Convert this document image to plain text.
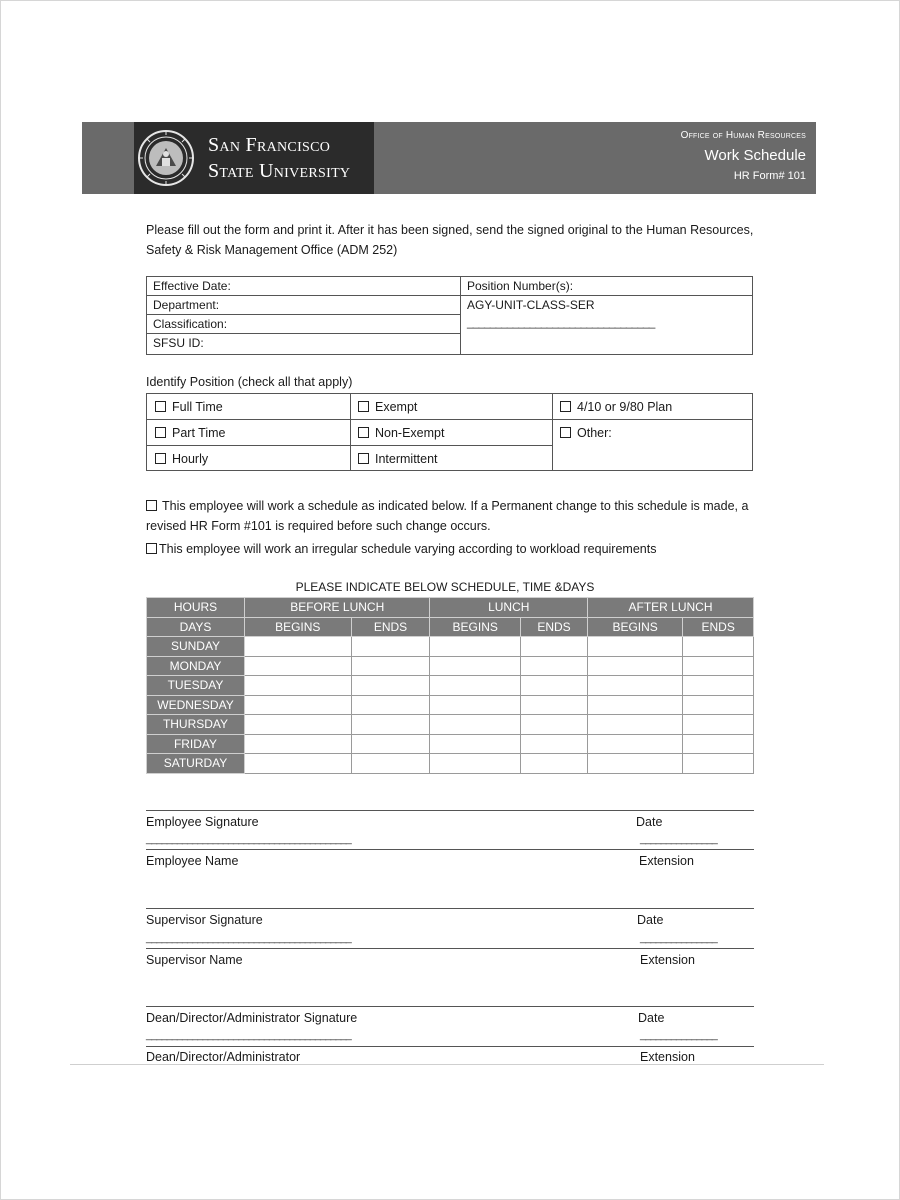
San Francisco
State University
Office of Human Resources
Work Schedule
HR Form# 101
Please fill out the form and print it. After it has been signed, send the signed original to the Human Resources, Safety & Risk Management Office (ADM 252)
Effective Date:
Department:
Classification:
SFSU ID:
Position Number(s):
AGY-UNIT-CLASS-SER
_________________________________
Identify Position (check all that apply)
Full Time
Part Time
Hourly
Exempt
Non-Exempt
Intermittent
4/10 or 9/80 Plan
Other:
This employee will work a schedule as indicated below. If a Permanent change to this schedule is made, a revised HR Form #101 is required before such change occurs.
This employee will work an irregular schedule varying according to workload requirements
PLEASE INDICATE BELOW SCHEDULE, TIME &DAYS
HOURS	BEFORE LUNCH		LUNCH		AFTER LUNCH	
DAYS	BEGINS	ENDS	BEGINS	ENDS	BEGINS	ENDS
SUNDAY						
MONDAY						
TUESDAY						
WEDNESDAY						
THURSDAY						
FRIDAY						
SATURDAY						
Employee Signature	Date
________________________________________	_______________
Employee Name	Extension
Supervisor Signature	Date
________________________________________	_______________
Supervisor Name	Extension
Dean/Director/Administrator Signature	Date
________________________________________	_______________
Dean/Director/Administrator	Extension
